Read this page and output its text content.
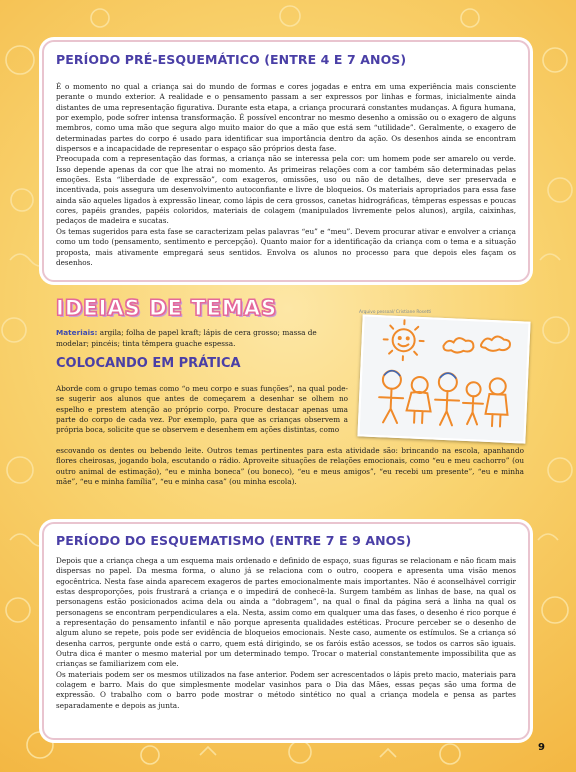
PERÍODO PRÉ-ESQUEMÁTICO (ENTRE 4 E 7 ANOS)

É o momento no qual a criança sai do mundo de formas e cores jogadas e entra em uma experiência mais consciente perante o mundo exterior. A realidade e o pensamento passam a ser expressos por linhas e formas, inicialmente ainda distantes de uma representação figurativa. Durante esta etapa, a criança procurará constantes mudanças. A figura humana, por exemplo, pode sofrer intensa transformação. É possível encontrar no mesmo desenho a omissão ou o exagero de alguns membros, como uma mão que segura algo muito maior do que a mão que está sem “utilidade”. Geralmente, o exagero de determinadas partes do corpo é usado para identificar sua importância dentro da ação. Os desenhos ainda se encontram dispersos e a incapacidade de representar o espaço são próprios desta fase.

Preocupada com a representação das formas, a criança não se interessa pela cor: um homem pode ser amarelo ou verde. Isso depende apenas da cor que lhe atrai no momento. As primeiras relações com a cor também são determinadas pelas emoções. Esta “liberdade de expressão”, com exageros, omissões, uso ou não de detalhes, deve ser preservada e incentivada, pois assegura um desenvolvimento autoconfiante e livre de bloqueios. Os materiais apropriados para essa fase ainda são aqueles ligados à expressão linear, como lápis de cera grossos, canetas hidrográficas, têmperas espessas e poucas cores, papéis grandes, papéis coloridos, materiais de colagem (manipulados livremente pelos alunos), argila, caixinhas, pedaços de madeira e sucatas.

Os temas sugeridos para esta fase se caracterizam pelas palavras “eu” e “meu”. Devem procurar ativar e envolver a criança como um todo (pensamento, sentimento e percepção). Quanto maior for a identificação da criança com o tema e a situação proposta, mais ativamente empregará seus sentidos. Envolva os alunos no processo para que depois eles façam os desenhos.

IDEIAS DE TEMAS
Materiais: argila; folha de papel kraft; lápis de cera grosso; massa de modelar; pincéis; tinta têmpera guache espessa.
COLOCANDO EM PRÁTICA
Aborde com o grupo temas como “o meu corpo e suas funções”, na qual pode-se sugerir aos alunos que antes de começarem a desenhar se olhem no espelho e prestem atenção ao próprio corpo. Procure destacar apenas uma parte do corpo de cada vez. Por exemplo, para que as crianças observem a própria boca, solicite que se observem e desenhem em ações distintas, como
escovando os dentes ou bebendo leite. Outros temas pertinentes para esta atividade são: brincando na escola, apanhando flores cheirosas, jogando bola, escutando o rádio. Aproveite situações de relações emocionais, como “eu e meu cachorro” (ou outro animal de estimação), “eu e minha boneca” (ou boneco), “eu e meus amigos”, “eu recebi um presente”, “eu e minha mãe”, “eu e minha família”, “eu e minha casa” (ou minha escola).
Arquivo pessoal/ Cristiane Rosetti
PERÍODO DO ESQUEMATISMO (ENTRE 7 E 9 ANOS)

Depois que a criança chega a um esquema mais ordenado e definido de espaço, suas figuras se relacionam e não ficam mais dispersas no papel. Da mesma forma, o aluno já se relaciona com o outro, coopera e apresenta uma visão menos egocêntrica. Nesta fase ainda aparecem exageros de partes emocionalmente mais importantes. Não é aconselhável corrigir estas desproporções, pois frustrará a criança e o impedirá de conhecê-la. Surgem também as linhas de base, na qual os personagens estão posicionados acima dela ou ainda a “dobragem”, na qual o final da página será a linha na qual os personagens se encontram perpendiculares a ela. Nesta, assim como em qualquer uma das fases, o desenho é rico porque é a representação do pensamento infantil e não porque apresenta qualidades estéticas. Procure perceber se o desenho de algum aluno se repete, pois pode ser evidência de bloqueios emocionais. Neste caso, aumente os estímulos. Se a criança só desenha carros, pergunte onde está o carro, quem está dirigindo, se os faróis estão acessos, se todos os carros são iguais. Outra dica é manter o mesmo material por um determinado tempo. Trocar o material constantemente impossibilita que as crianças se familiarizem com ele.

Os materiais podem ser os mesmos utilizados na fase anterior. Podem ser acrescentados o lápis preto macio, materiais para colagem e barro. Mais do que simplesmente modelar vasinhos para o Dia das Mães, essas peças são uma forma de expressão. O trabalho com o barro pode mostrar o método sintético no qual a criança modela e pensa as partes separadamente e depois as junta.

9
